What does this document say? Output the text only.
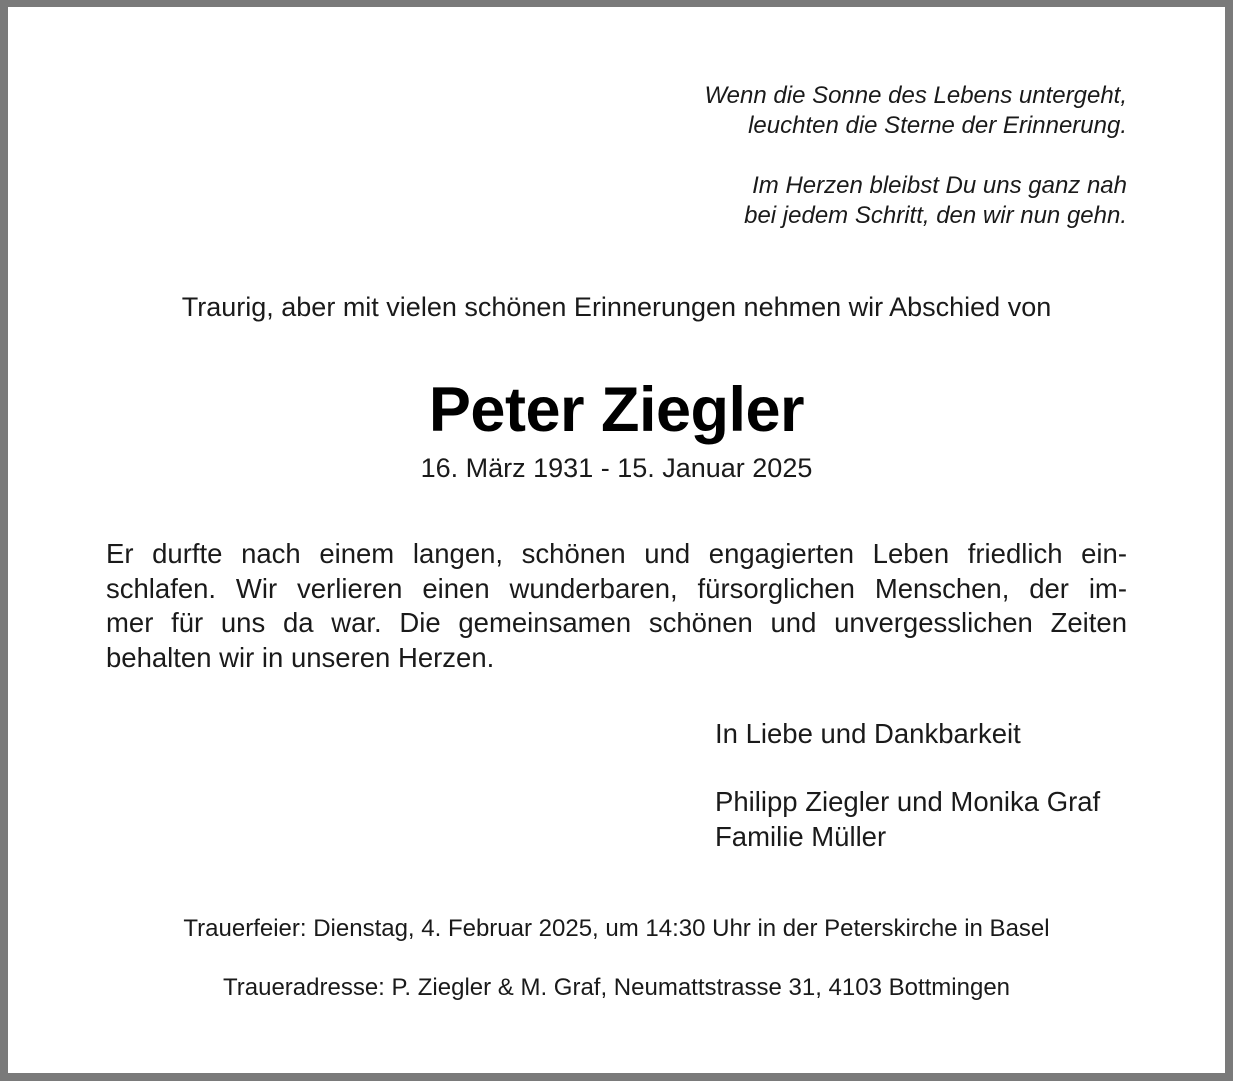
Wenn die Sonne des Lebens untergeht,
leuchten die Sterne der Erinnerung.

Im Herzen bleibst Du uns ganz nah
bei jedem Schritt, den wir nun gehn.

Traurig, aber mit vielen schönen Erinnerungen nehmen wir Abschied von
Peter Ziegler
16. März 1931 - 15. Januar 2025
Er durfte nach einem langen, schönen und engagierten Leben friedlich ein-
schlafen. Wir verlieren einen wunderbaren, fürsorglichen Menschen, der im-
mer für uns da war. Die gemeinsamen schönen und unvergesslichen Zeiten
behalten wir in unseren Herzen.
In Liebe und Dankbarkeit
Philipp Ziegler und Monika Graf
Familie Müller
Trauerfeier: Dienstag, 4. Februar 2025, um 14:30 Uhr in der Peterskirche in Basel
Traueradresse: P. Ziegler & M. Graf, Neumattstrasse 31, 4103 Bottmingen
